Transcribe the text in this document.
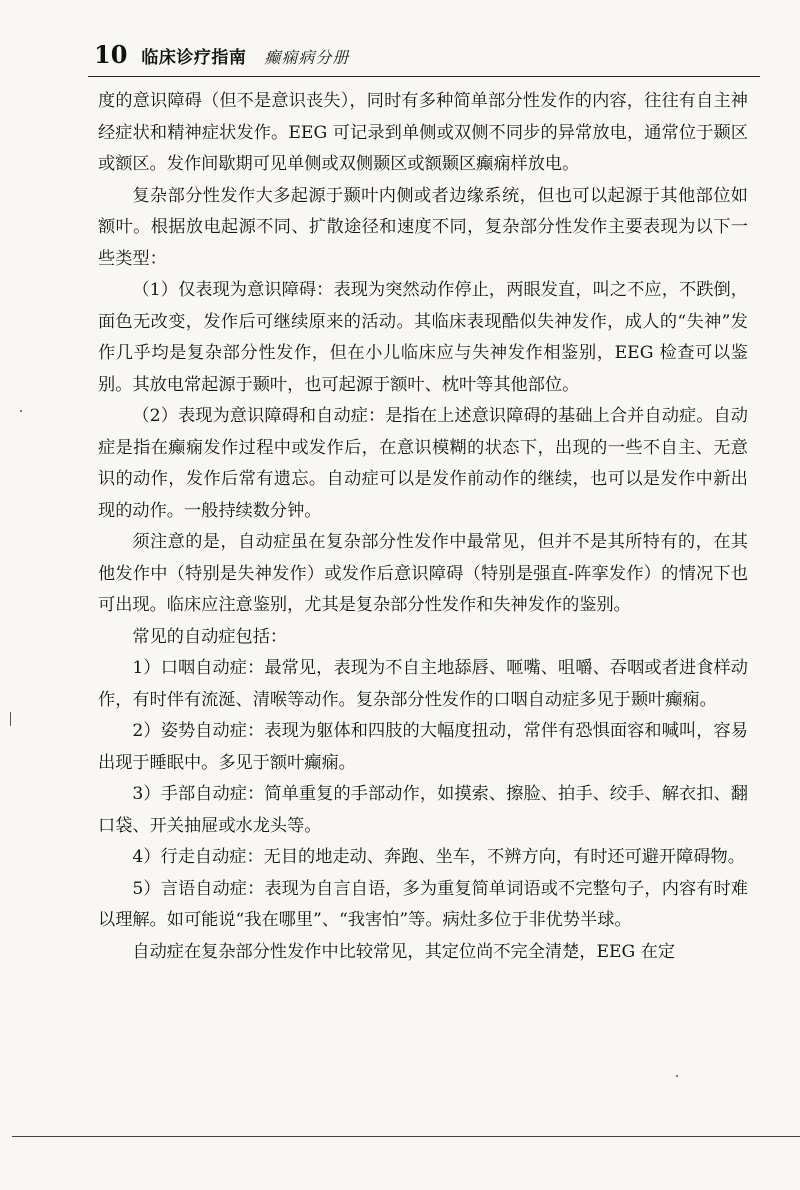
10 临床诊疗指南 癫痫病分册

度的意识障碍（但不是意识丧失），同时有多种简单部分性发作的内容，往往有自主神经症状和精神症状发作。EEG 可记录到单侧或双侧不同步的异常放电，通常位于颞区或额区。发作间歇期可见单侧或双侧颞区或额颞区癫痫样放电。

复杂部分性发作大多起源于颞叶内侧或者边缘系统，但也可以起源于其他部位如额叶。根据放电起源不同、扩散途径和速度不同，复杂部分性发作主要表现为以下一些类型：

（1）仅表现为意识障碍：表现为突然动作停止，两眼发直，叫之不应，不跌倒，面色无改变，发作后可继续原来的活动。其临床表现酷似失神发作，成人的“失神”发作几乎均是复杂部分性发作，但在小儿临床应与失神发作相鉴别，EEG 检查可以鉴别。其放电常起源于颞叶，也可起源于额叶、枕叶等其他部位。

（2）表现为意识障碍和自动症：是指在上述意识障碍的基础上合并自动症。自动症是指在癫痫发作过程中或发作后，在意识模糊的状态下，出现的一些不自主、无意识的动作，发作后常有遗忘。自动症可以是发作前动作的继续，也可以是发作中新出现的动作。一般持续数分钟。

须注意的是，自动症虽在复杂部分性发作中最常见，但并不是其所特有的，在其他发作中（特别是失神发作）或发作后意识障碍（特别是强直-阵挛发作）的情况下也可出现。临床应注意鉴别，尤其是复杂部分性发作和失神发作的鉴别。

常见的自动症包括：

1）口咽自动症：最常见，表现为不自主地舔唇、咂嘴、咀嚼、吞咽或者进食样动作，有时伴有流涎、清喉等动作。复杂部分性发作的口咽自动症多见于颞叶癫痫。

2）姿势自动症：表现为躯体和四肢的大幅度扭动，常伴有恐惧面容和喊叫，容易出现于睡眠中。多见于额叶癫痫。

3）手部自动症：简单重复的手部动作，如摸索、擦脸、拍手、绞手、解衣扣、翻口袋、开关抽屉或水龙头等。

4）行走自动症：无目的地走动、奔跑、坐车，不辨方向，有时还可避开障碍物。

5）言语自动症：表现为自言自语，多为重复简单词语或不完整句子，内容有时难以理解。如可能说“我在哪里”、“我害怕”等。病灶多位于非优势半球。

自动症在复杂部分性发作中比较常见，其定位尚不完全清楚，EEG 在定
